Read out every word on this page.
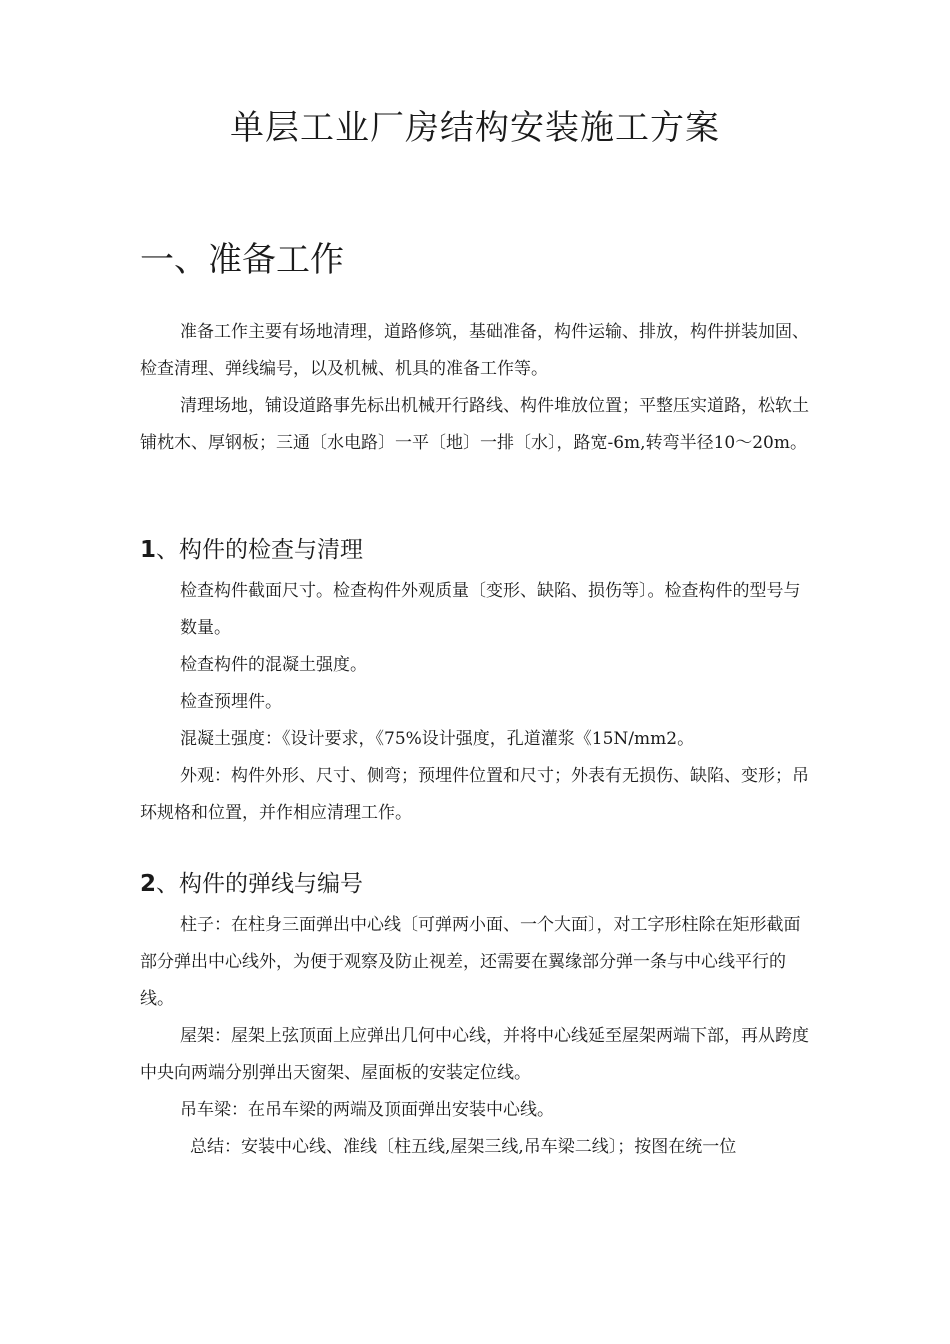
单层工业厂房结构安装施工方案
一、准备工作

准备工作主要有场地清理，道路修筑，基础准备，构件运输、排放，构件拼装加固、检查清理、弹线编号，以及机械、机具的准备工作等。

清理场地，铺设道路事先标出机械开行路线、构件堆放位置；平整压实道路，松软土铺枕木、厚钢板；三通〔水电路〕一平〔地〕一排〔水〕，路宽-6m,转弯半径10～20m。

1、构件的检查与清理

检查构件截面尺寸。检查构件外观质量〔变形、缺陷、损伤等〕。检查构件的型号与数量。

检查构件的混凝土强度。

检查预埋件。

混凝土强度：《设计要求，《75%设计强度，孔道灌浆《15N/mm2。

外观：构件外形、尺寸、侧弯；预埋件位置和尺寸；外表有无损伤、缺陷、变形；吊环规格和位置，并作相应清理工作。

2、构件的弹线与编号

柱子：在柱身三面弹出中心线〔可弹两小面、一个大面〕，对工字形柱除在矩形截面部分弹出中心线外，为便于观察及防止视差，还需要在翼缘部分弹一条与中心线平行的线。

屋架：屋架上弦顶面上应弹出几何中心线，并将中心线延至屋架两端下部，再从跨度中央向两端分别弹出天窗架、屋面板的安装定位线。

吊车梁：在吊车梁的两端及顶面弹出安装中心线。

总结：安装中心线、准线〔柱五线,屋架三线,吊车梁二线〕；按图在统一位
